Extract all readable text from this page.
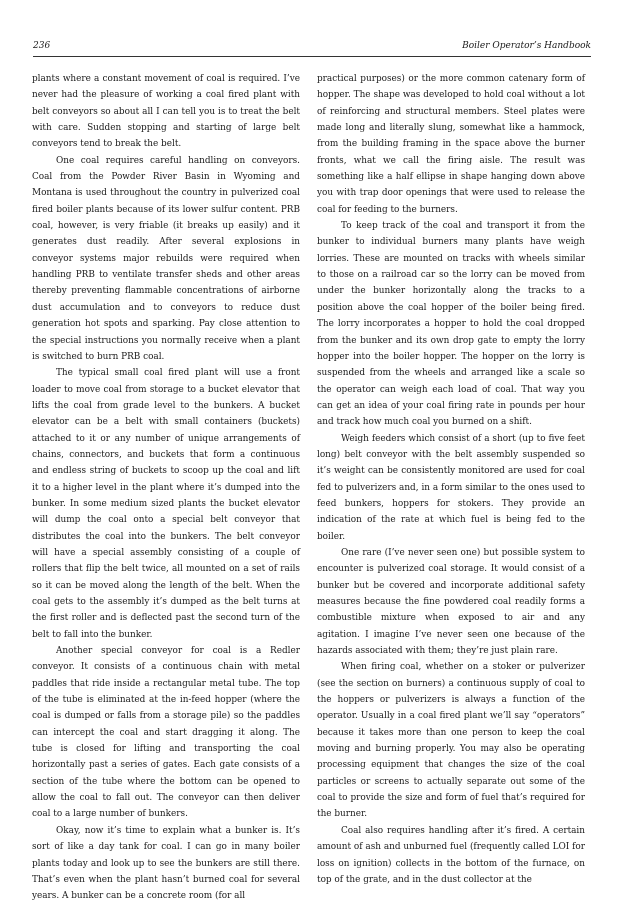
236	Boiler Operator’s Handbook

plants where a constant movement of coal is required. I’ve never had the pleasure of working a coal fired plant with belt conveyors so about all I can tell you is to treat the belt with care. Sudden stopping and starting of large belt conveyors tend to break the belt.

One coal requires careful handling on conveyors. Coal from the Powder River Basin in Wyoming and Montana is used throughout the country in pulverized coal fired boiler plants because of its lower sulfur content. PRB coal, however, is very friable (it breaks up easily) and it generates dust readily. After several explosions in conveyor systems major rebuilds were required when handling PRB to ventilate transfer sheds and other areas thereby preventing flammable concentrations of airborne dust accumulation and to conveyors to reduce dust generation hot spots and sparking. Pay close attention to the special instructions you normally receive when a plant is switched to burn PRB coal.

The typical small coal fired plant will use a front loader to move coal from storage to a bucket elevator that lifts the coal from grade level to the bunkers. A bucket elevator can be a belt with small containers (buckets) attached to it or any number of unique arrangements of chains, connectors, and buckets that form a continuous and endless string of buckets to scoop up the coal and lift it to a higher level in the plant where it’s dumped into the bunker. In some medium sized plants the bucket elevator will dump the coal onto a special belt conveyor that distributes the coal into the bunkers. The belt conveyor will have a special assembly consisting of a couple of rollers that flip the belt twice, all mounted on a set of rails so it can be moved along the length of the belt. When the coal gets to the assembly it’s dumped as the belt turns at the first roller and is deflected past the second turn of the belt to fall into the bunker.

Another special conveyor for coal is a Redler conveyor. It consists of a continuous chain with metal paddles that ride inside a rectangular metal tube. The top of the tube is eliminated at the in-feed hopper (where the coal is dumped or falls from a storage pile) so the paddles can intercept the coal and start dragging it along. The tube is closed for lifting and transporting the coal horizontally past a series of gates. Each gate consists of a section of the tube where the bottom can be opened to allow the coal to fall out. The conveyor can then deliver coal to a large number of bunkers.

Okay, now it’s time to explain what a bunker is. It’s sort of like a day tank for coal. I can go in many boiler plants today and look up to see the bunkers are still there. That’s even when the plant hasn’t burned coal for several years. A bunker can be a concrete room (for all

practical purposes) or the more common catenary form of hopper. The shape was developed to hold coal without a lot of reinforcing and structural members. Steel plates were made long and literally slung, somewhat like a hammock, from the building framing in the space above the burner fronts, what we call the firing aisle. The result was something like a half ellipse in shape hanging down above you with trap door openings that were used to release the coal for feeding to the burners.

To keep track of the coal and transport it from the bunker to individual burners many plants have weigh lorries. These are mounted on tracks with wheels similar to those on a railroad car so the lorry can be moved from under the bunker horizontally along the tracks to a position above the coal hopper of the boiler being fired. The lorry incorporates a hopper to hold the coal dropped from the bunker and its own drop gate to empty the lorry hopper into the boiler hopper. The hopper on the lorry is suspended from the wheels and arranged like a scale so the operator can weigh each load of coal. That way you can get an idea of your coal firing rate in pounds per hour and track how much coal you burned on a shift.

Weigh feeders which consist of a short (up to five feet long) belt conveyor with the belt assembly suspended so it’s weight can be consistently monitored are used for coal fed to pulverizers and, in a form similar to the ones used to feed bunkers, hoppers for stokers. They provide an indication of the rate at which fuel is being fed to the boiler.

One rare (I’ve never seen one) but possible system to encounter is pulverized coal storage. It would consist of a bunker but be covered and incorporate additional safety measures because the fine powdered coal readily forms a combustible mixture when exposed to air and any agitation. I imagine I’ve never seen one because of the hazards associated with them; they’re just plain rare.

When firing coal, whether on a stoker or pulverizer (see the section on burners) a continuous supply of coal to the hoppers or pulverizers is always a function of the operator. Usually in a coal fired plant we’ll say “operators” because it takes more than one person to keep the coal moving and burning properly. You may also be operating processing equipment that changes the size of the coal particles or screens to actually separate out some of the coal to provide the size and form of fuel that’s required for the burner.

Coal also requires handling after it’s fired. A certain amount of ash and unburned fuel (frequently called LOI for loss on ignition) collects in the bottom of the furnace, on top of the grate, and in the dust collector at the
